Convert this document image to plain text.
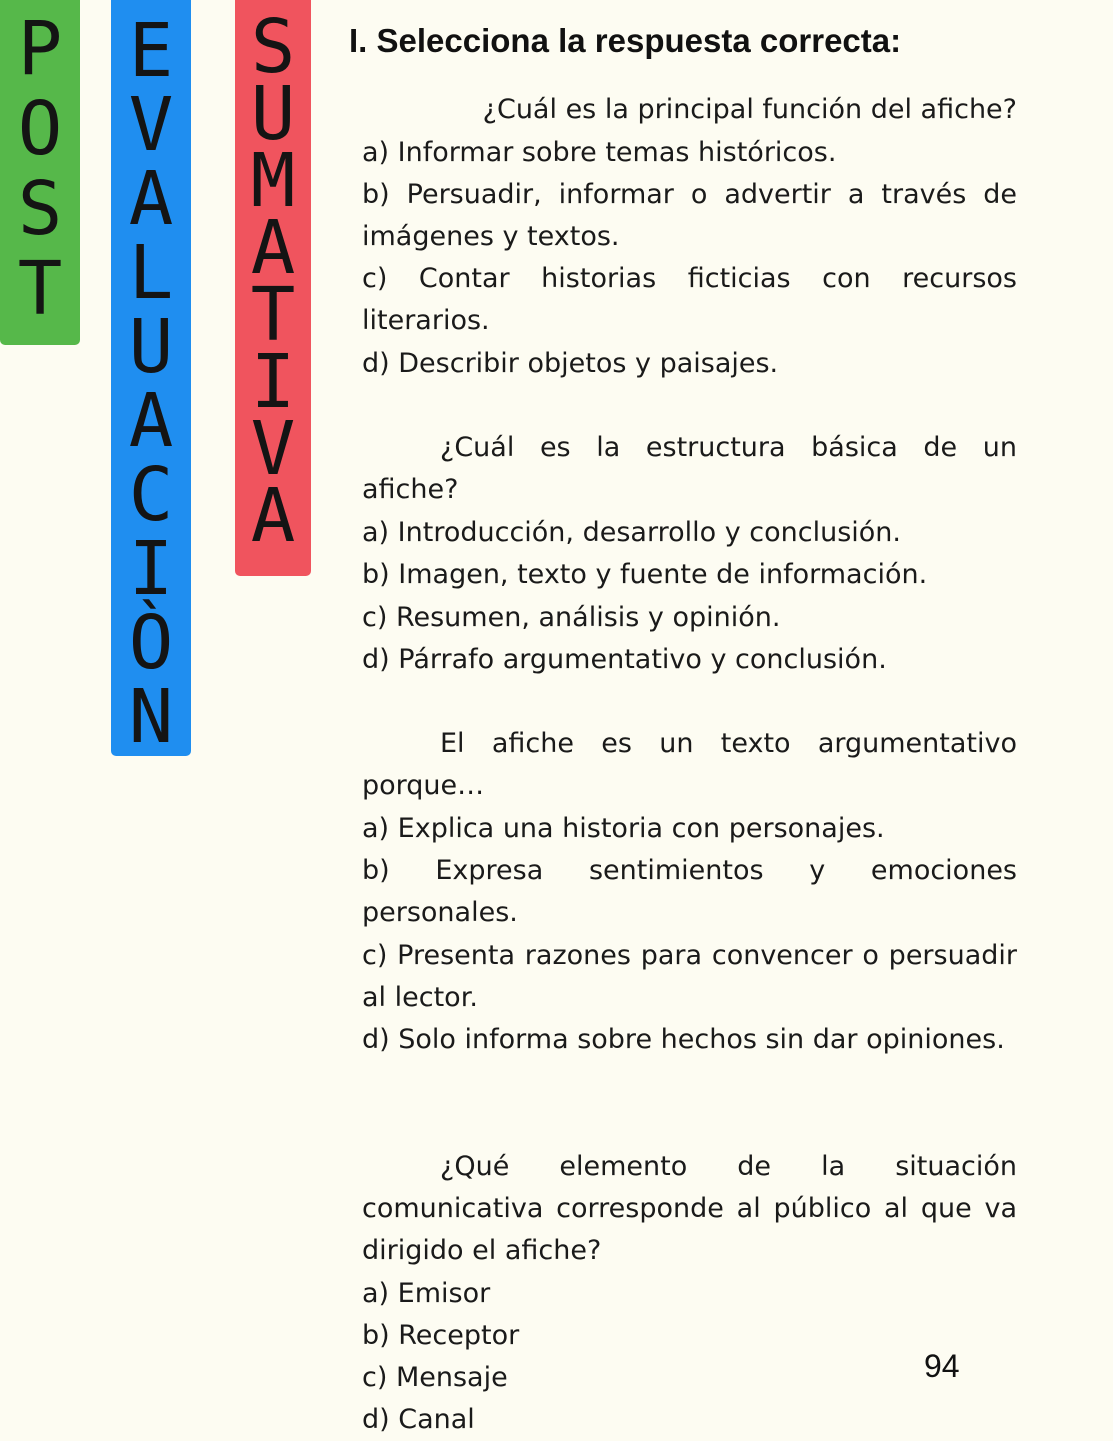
P
O
S
T
E
V
A
L
U
A
C
I
Ò
N
S
U
M
A
T
I
V
A
I. Selecciona la respuesta correcta:

¿Cuál es la principal función del afiche?

a) Informar sobre temas históricos.

b) Persuadir, informar o advertir a través de imágenes y textos.

c) Contar historias ficticias con recursos literarios.

d) Describir objetos y paisajes.

¿Cuál es la estructura básica de un afiche?

a) Introducción, desarrollo y conclusión.

b) Imagen, texto y fuente de información.

c) Resumen, análisis y opinión.

d) Párrafo argumentativo y conclusión.

El afiche es un texto argumentativo porque…

a) Explica una historia con personajes.

b) Expresa sentimientos y emociones personales.

c) Presenta razones para convencer o persuadir al lector.

d) Solo informa sobre hechos sin dar opiniones.

¿Qué elemento de la situación comunicativa corresponde al público al que va dirigido el afiche?

a) Emisor

b) Receptor

c) Mensaje

d) Canal

94
